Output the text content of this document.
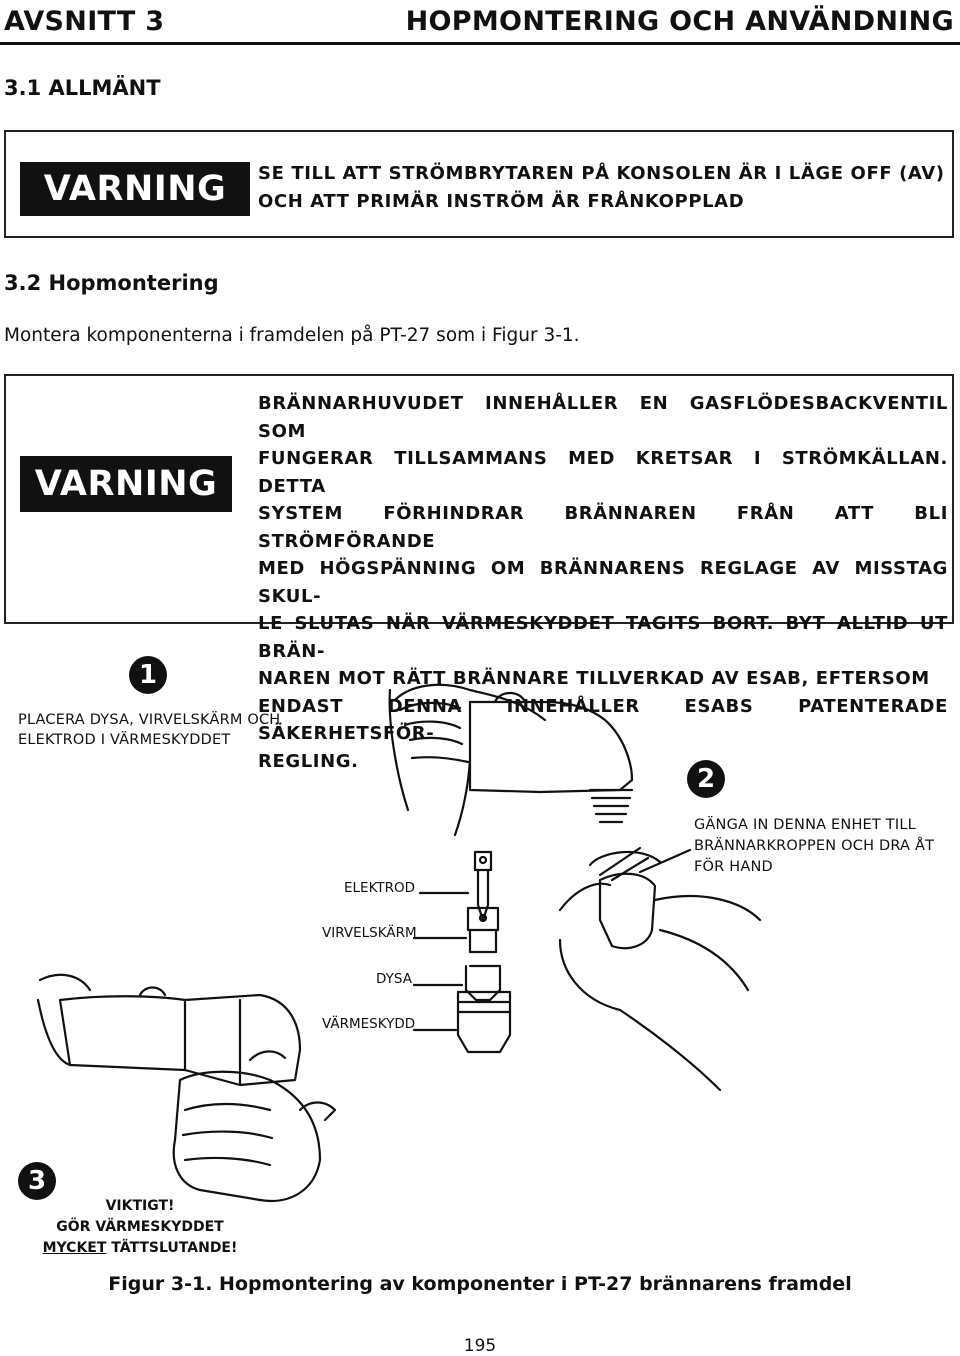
AVSNITT 3	HOPMONTERING OCH ANVÄNDNING
3.1 ALLMÄNT
VARNING	SE TILL ATT STRÖMBRYTAREN PÅ KONSOLEN ÄR I LÄGE OFF (AV)
OCH ATT PRIMÄR INSTRÖM ÄR FRÅNKOPPLAD
3.2 Hopmontering
Montera komponenterna i framdelen på PT-27 som i Figur 3-1.
VARNING
BRÄNNARHUVUDET INNEHÅLLER EN GASFLÖDESBACKVENTIL SOM
FUNGERAR TILLSAMMANS MED KRETSAR I STRÖMKÄLLAN. DETTA
SYSTEM FÖRHINDRAR BRÄNNAREN FRÅN ATT BLI STRÖMFÖRANDE
MED HÖGSPÄNNING OM BRÄNNARENS REGLAGE AV MISSTAG SKUL-
LE SLUTAS NÄR VÄRMESKYDDET TAGITS BORT. BYT ALLTID UT BRÄN-
NAREN MOT RÄTT BRÄNNARE TILLVERKAD AV ESAB, EFTERSOM
ENDAST DENNA INNEHÅLLER ESABS PATENTERADE SÄKERHETSFÖR-
REGLING.
1
PLACERA DYSA, VIRVELSKÄRM OCH
ELEKTROD I VÄRMESKYDDET
2
GÄNGA IN DENNA ENHET TILL
BRÄNNARKROPPEN OCH DRA ÅT
FÖR HAND
3
VIKTIGT!
GÖR VÄRMESKYDDET
MYCKET TÄTTSLUTANDE!
ELEKTROD
VIRVELSKÄRM
DYSA
VÄRMESKYDD
Figur 3-1. Hopmontering av komponenter i PT-27 brännarens framdel
195
